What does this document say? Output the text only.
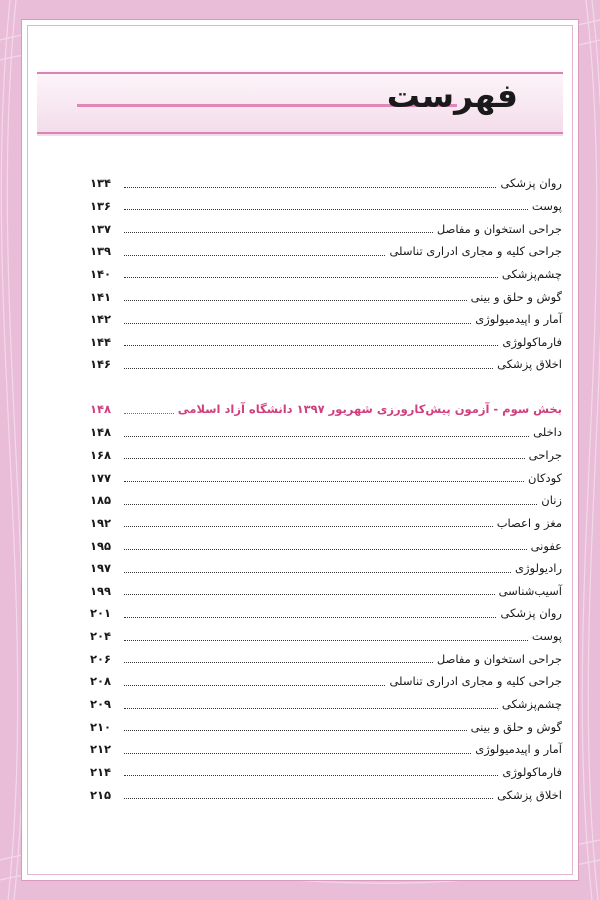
فهرست
روان پزشکی
۱۳۴
پوست
۱۳۶
جراحی استخوان و مفاصل
۱۳۷
جراحی کلیه و مجاری ادراری تناسلی
۱۳۹
چشم‌پزشکی
۱۴۰
گوش و حلق و بینی
۱۴۱
آمار و اپیدمیولوژی
۱۴۲
فارماکولوژی
۱۴۴
اخلاق پزشکی
۱۴۶
بخش سوم - آزمون پیش‌کارورزی شهریور ۱۳۹۷ دانشگاه آزاد اسلامی
۱۴۸
داخلی
۱۴۸
جراحی
۱۶۸
کودکان
۱۷۷
زنان
۱۸۵
مغز و اعصاب
۱۹۲
عفونی
۱۹۵
رادیولوژی
۱۹۷
آسیب‌شناسی
۱۹۹
روان پزشکی
۲۰۱
پوست
۲۰۴
جراحی استخوان و مفاصل
۲۰۶
جراحی کلیه و مجاری ادراری تناسلی
۲۰۸
چشم‌پزشکی
۲۰۹
گوش و حلق و بینی
۲۱۰
آمار و اپیدمیولوژی
۲۱۲
فارماکولوژی
۲۱۴
اخلاق پزشکی
۲۱۵
